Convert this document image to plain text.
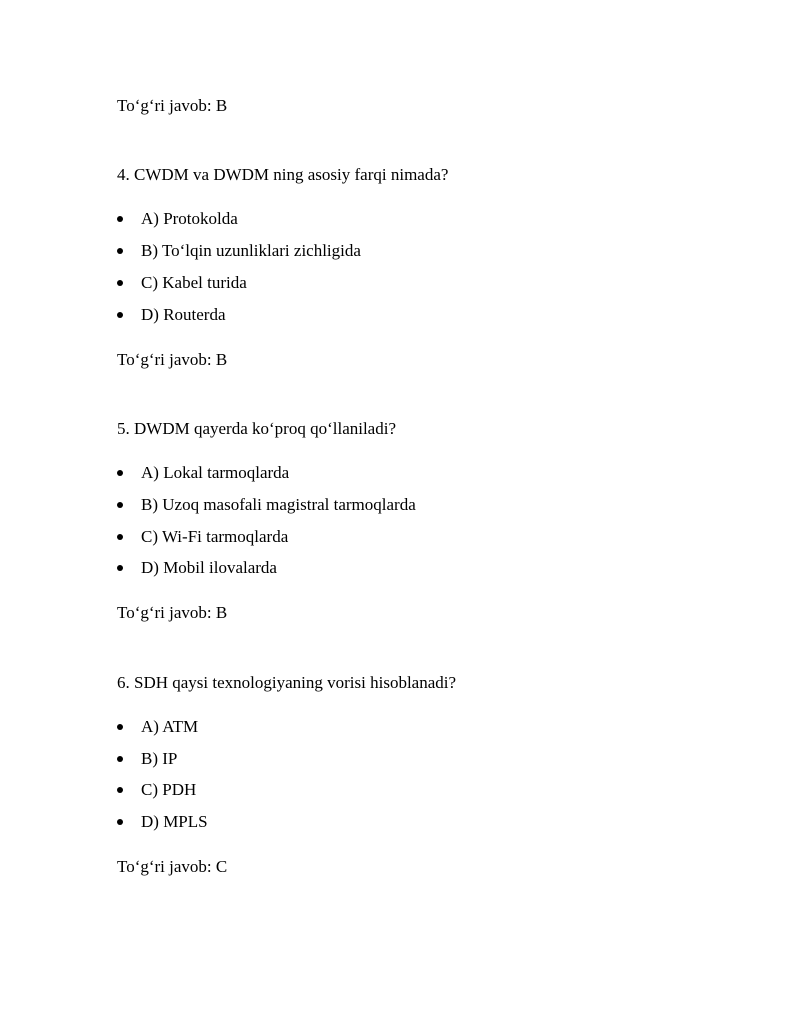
To‘g‘ri javob: B
4. CWDM va DWDM ning asosiy farqi nimada?
A) Protokolda
B) To‘lqin uzunliklari zichligida
C) Kabel turida
D) Routerda
To‘g‘ri javob: B
5. DWDM qayerda ko‘proq qo‘llaniladi?
A) Lokal tarmoqlarda
B) Uzoq masofali magistral tarmoqlarda
C) Wi-Fi tarmoqlarda
D) Mobil ilovalarda
To‘g‘ri javob: B
6. SDH qaysi texnologiyaning vorisi hisoblanadi?
A) ATM
B) IP
C) PDH
D) MPLS
To‘g‘ri javob: C
